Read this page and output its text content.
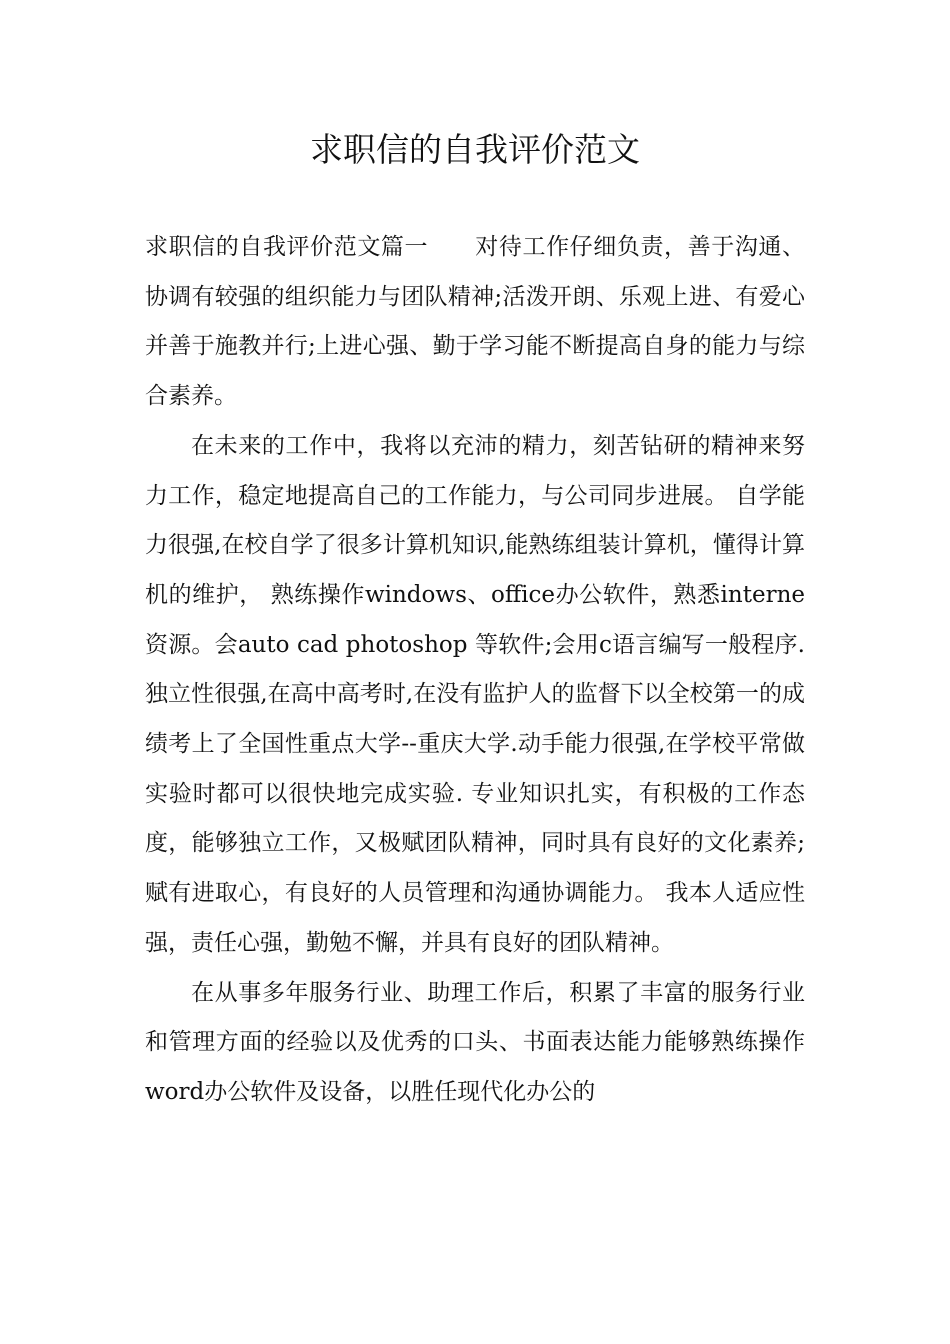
求职信的自我评价范文

求职信的自我评价范文篇一　　对待工作仔细负责，善于沟通、协调有较强的组织能力与团队精神;活泼开朗、乐观上进、有爱心并善于施教并行;上进心强、勤于学习能不断提高自身的能力与综合素养。

在未来的工作中，我将以充沛的精力，刻苦钻研的精神来努力工作，稳定地提高自己的工作能力，与公司同步进展。 自学能力很强,在校自学了很多计算机知识,能熟练组装计算机，懂得计算机的维护， 熟练操作windows、office办公软件，熟悉interne资源。会auto cad photoshop 等软件;会用c语言编写一般程序.独立性很强,在高中高考时,在没有监护人的监督下以全校第一的成绩考上了全国性重点大学--重庆大学.动手能力很强,在学校平常做实验时都可以很快地完成实验. 专业知识扎实，有积极的工作态度，能够独立工作，又极赋团队精神，同时具有良好的文化素养;赋有进取心，有良好的人员管理和沟通协调能力。 我本人适应性强，责任心强，勤勉不懈，并具有良好的团队精神。

在从事多年服务行业、助理工作后，积累了丰富的服务行业和管理方面的经验以及优秀的口头、书面表达能力能够熟练操作word办公软件及设备，以胜任现代化办公的
